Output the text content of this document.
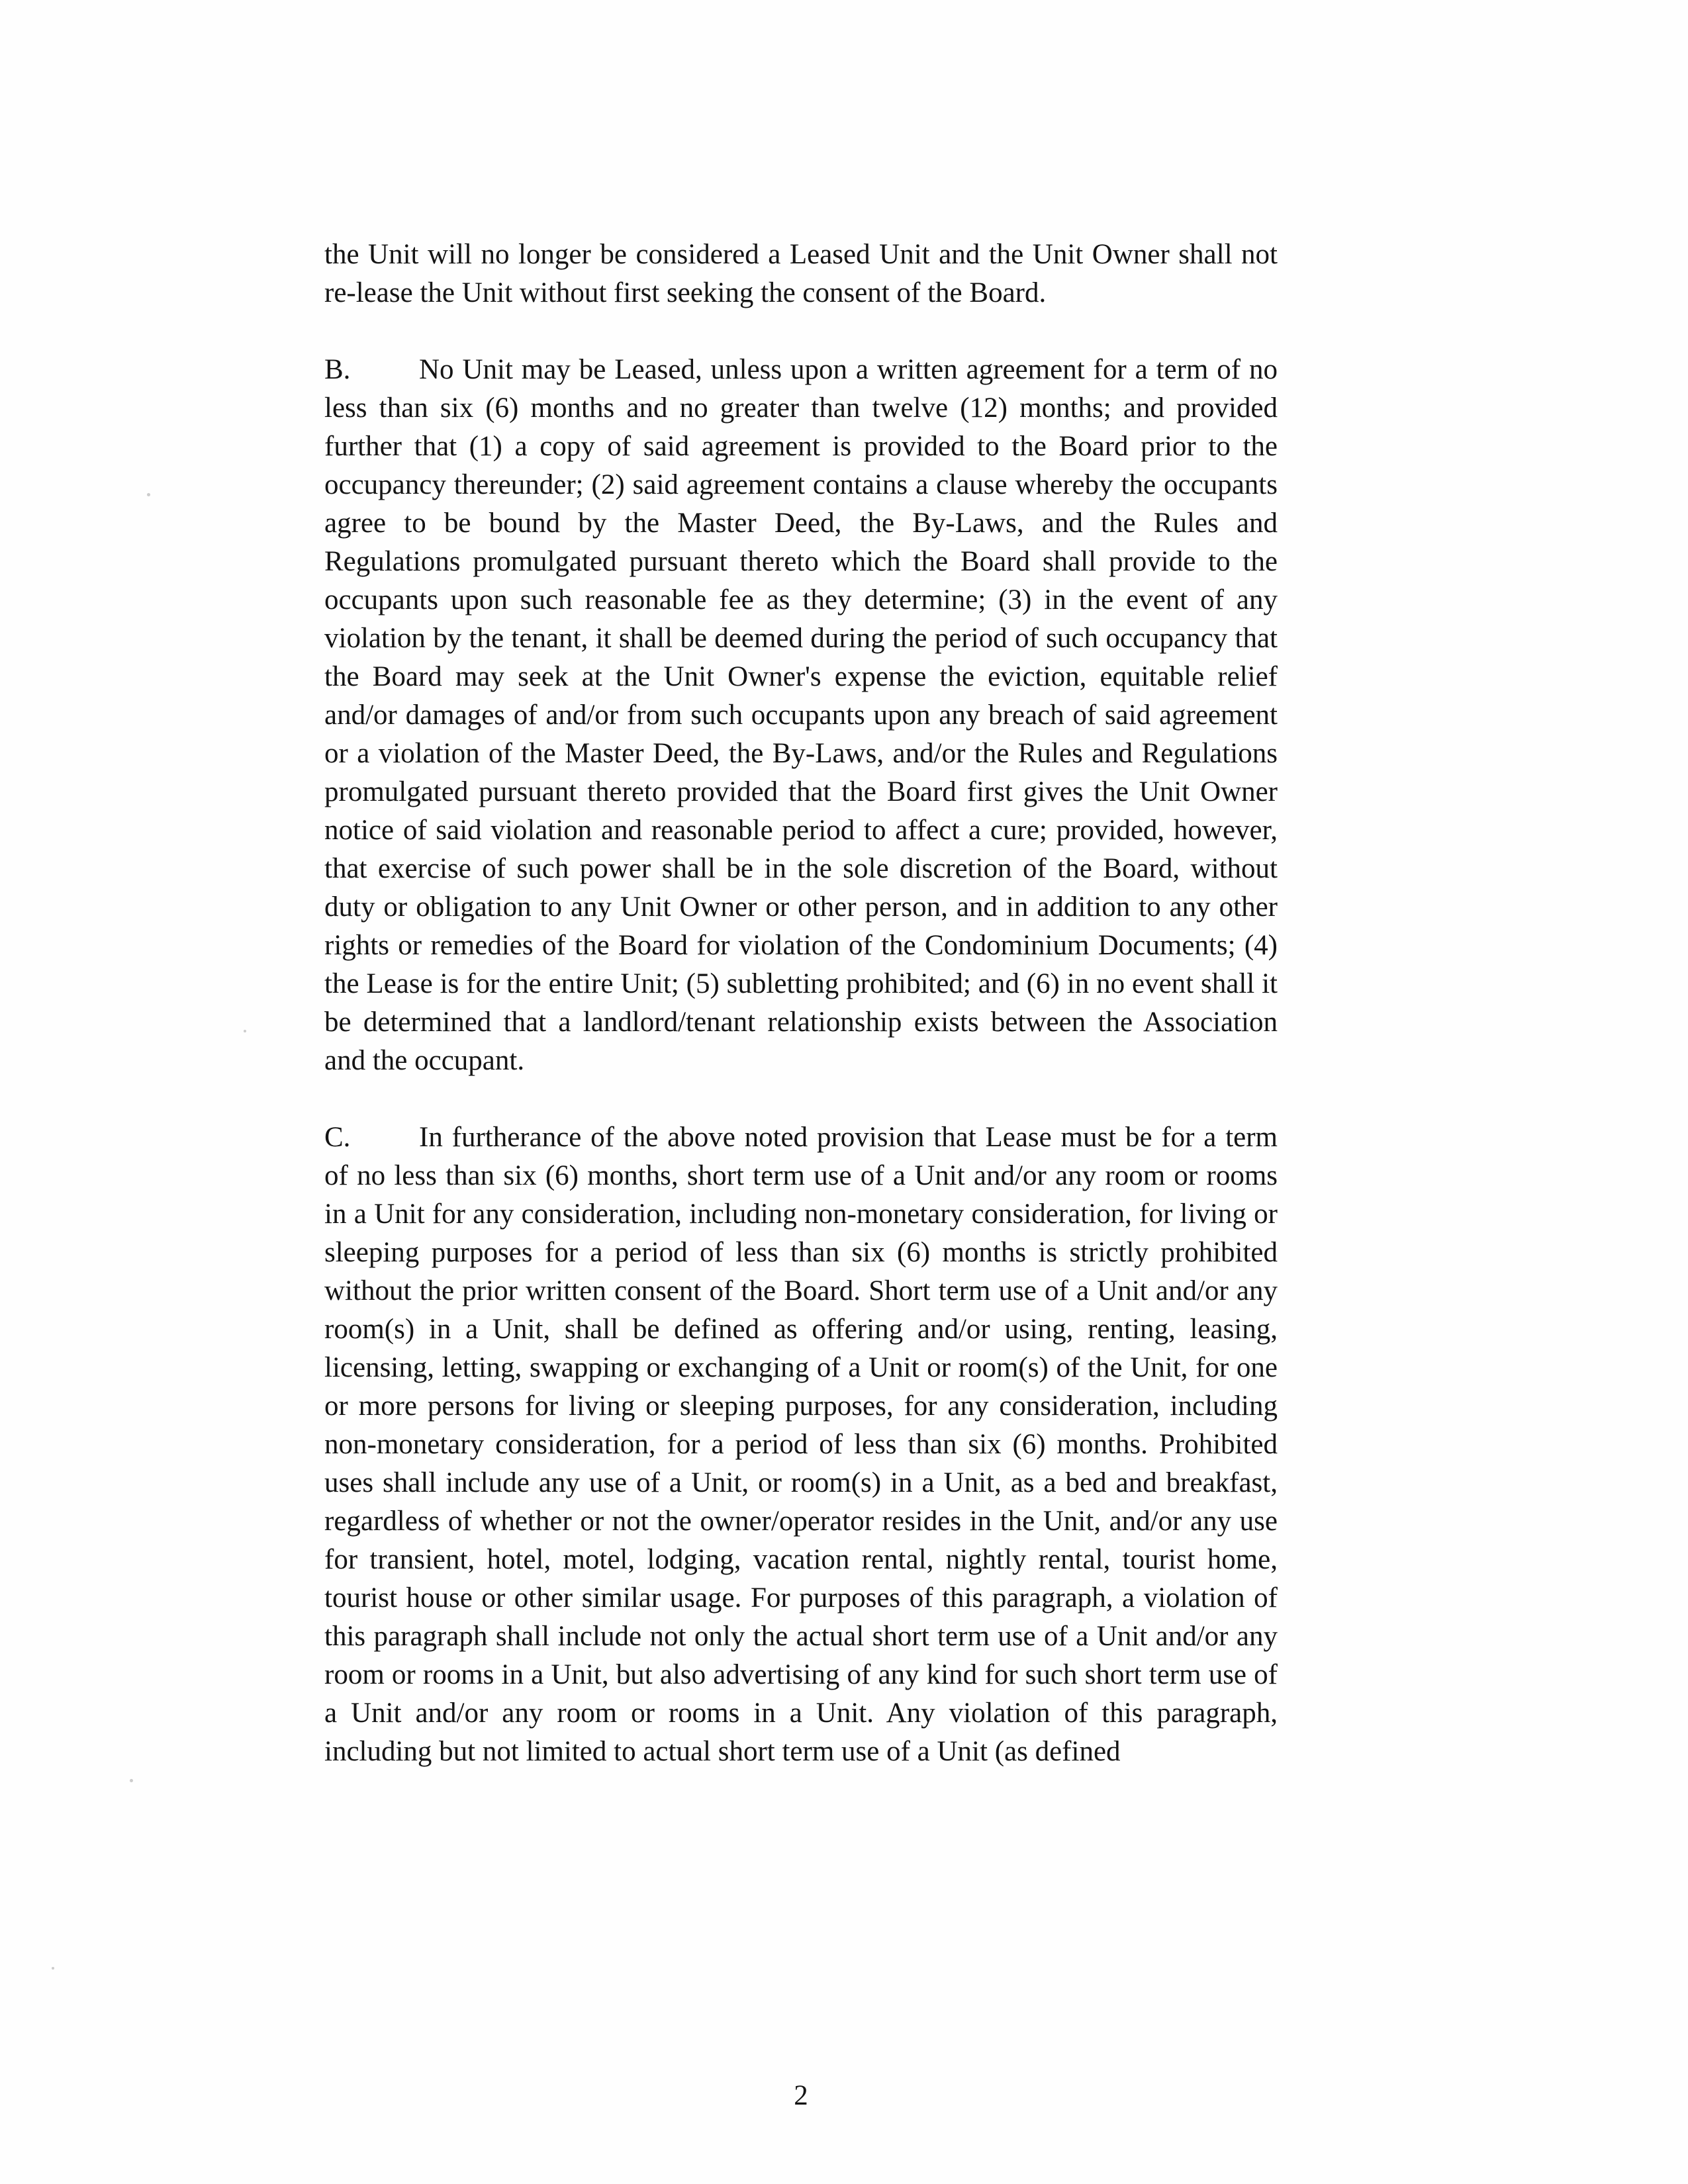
the Unit will no longer be considered a Leased Unit and the Unit Owner shall not re-lease the Unit without first seeking the consent of the Board.

B. No Unit may be Leased, unless upon a written agreement for a term of no less than six (6) months and no greater than twelve (12) months; and provided further that (1) a copy of said agreement is provided to the Board prior to the occupancy thereunder; (2) said agreement contains a clause whereby the occupants agree to be bound by the Master Deed, the By-Laws, and the Rules and Regulations promulgated pursuant thereto which the Board shall provide to the occupants upon such reasonable fee as they determine; (3) in the event of any violation by the tenant, it shall be deemed during the period of such occupancy that the Board may seek at the Unit Owner's expense the eviction, equitable relief and/or damages of and/or from such occupants upon any breach of said agreement or a violation of the Master Deed, the By-Laws, and/or the Rules and Regulations promulgated pursuant thereto provided that the Board first gives the Unit Owner notice of said violation and reasonable period to affect a cure; provided, however, that exercise of such power shall be in the sole discretion of the Board, without duty or obligation to any Unit Owner or other person, and in addition to any other rights or remedies of the Board for violation of the Condominium Documents; (4) the Lease is for the entire Unit; (5) subletting prohibited; and (6) in no event shall it be determined that a landlord/tenant relationship exists between the Association and the occupant.

C. In furtherance of the above noted provision that Lease must be for a term of no less than six (6) months, short term use of a Unit and/or any room or rooms in a Unit for any consideration, including non-monetary consideration, for living or sleeping purposes for a period of less than six (6) months is strictly prohibited without the prior written consent of the Board. Short term use of a Unit and/or any room(s) in a Unit, shall be defined as offering and/or using, renting, leasing, licensing, letting, swapping or exchanging of a Unit or room(s) of the Unit, for one or more persons for living or sleeping purposes, for any consideration, including non-monetary consideration, for a period of less than six (6) months. Prohibited uses shall include any use of a Unit, or room(s) in a Unit, as a bed and breakfast, regardless of whether or not the owner/operator resides in the Unit, and/or any use for transient, hotel, motel, lodging, vacation rental, nightly rental, tourist home, tourist house or other similar usage. For purposes of this paragraph, a violation of this paragraph shall include not only the actual short term use of a Unit and/or any room or rooms in a Unit, but also advertising of any kind for such short term use of a Unit and/or any room or rooms in a Unit. Any violation of this paragraph, including but not limited to actual short term use of a Unit (as defined

2
